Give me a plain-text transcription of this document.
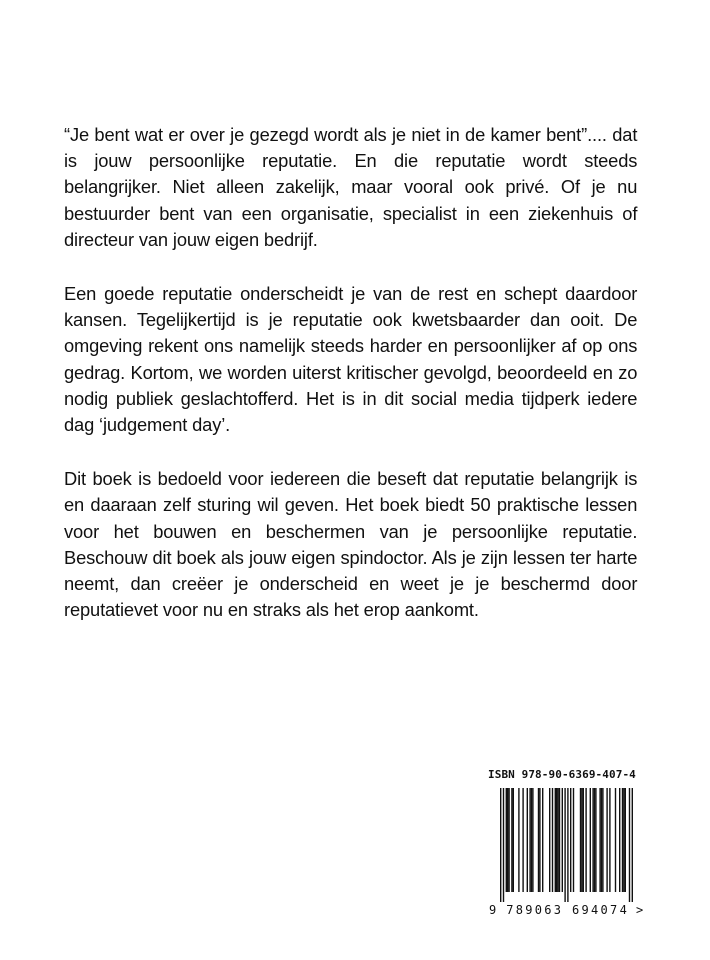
“Je bent wat er over je gezegd wordt als je niet in de kamer bent”.... dat is jouw persoonlijke reputatie. En die reputatie wordt steeds belangrijker. Niet alleen zakelijk, maar vooral ook privé. Of je nu bestuurder bent van een organisatie, specialist in een ziekenhuis of directeur van jouw eigen bedrijf.

Een goede reputatie onderscheidt je van de rest en schept daardoor kansen. Tegelijkertijd is je reputatie ook kwetsbaarder dan ooit. De omgeving rekent ons namelijk steeds harder en persoonlijker af op ons gedrag. Kortom, we worden uiterst kritischer gevolgd, beoordeeld en zo nodig publiek geslachtofferd. Het is in dit social media tijdperk iedere dag ‘judgement day’.

Dit boek is bedoeld voor iedereen die beseft dat reputatie belangrijk is en daaraan zelf sturing wil geven. Het boek biedt 50 praktische lessen voor het bouwen en beschermen van je persoonlijke reputatie. Beschouw dit boek als jouw eigen spindoctor. Als je zijn lessen ter harte neemt, dan creëer je onderscheid en weet je je beschermd door reputatievet voor nu en straks als het erop aankomt.

ISBN 978-90-6369-407-4
9 789063 694074 >
